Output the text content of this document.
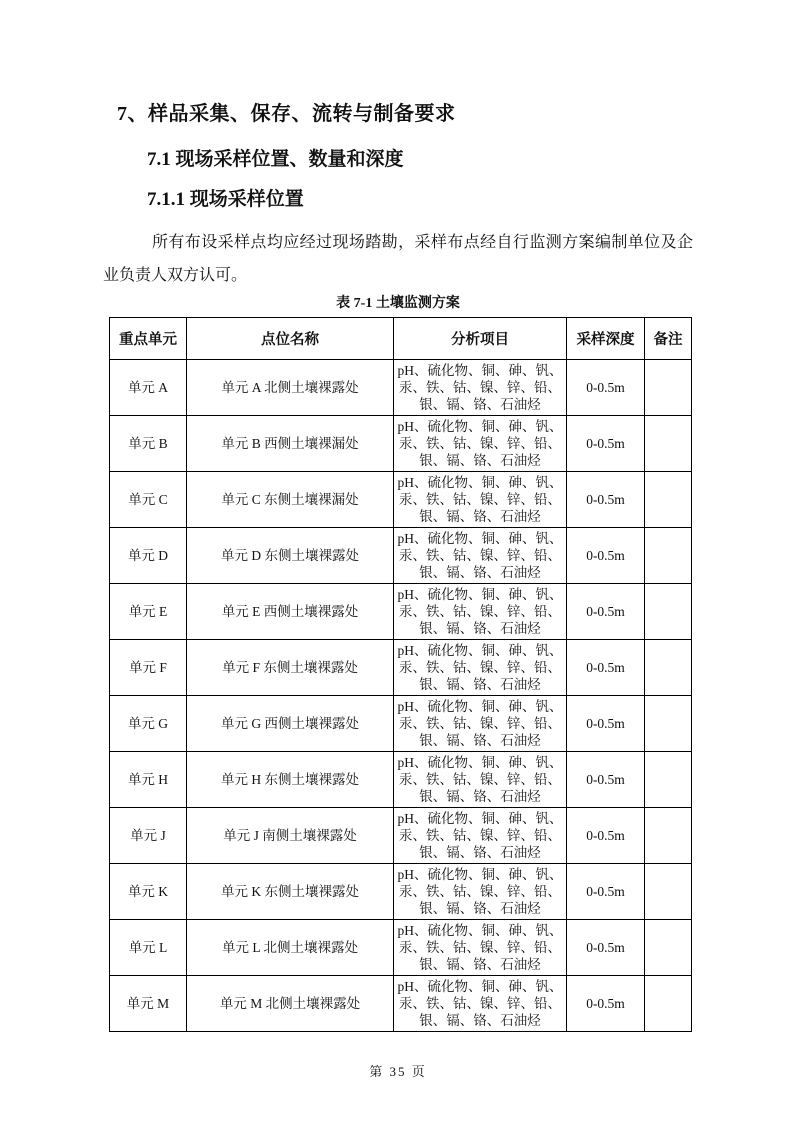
7、样品采集、保存、流转与制备要求
7.1 现场采样位置、数量和深度
7.1.1 现场采样位置

所有布设采样点均应经过现场踏勘，采样布点经自行监测方案编制单位及企业负责人双方认可。

表 7-1 土壤监测方案
重点单元	点位名称	分析项目	采样深度	备注
单元 A	单元 A 北侧土壤裸露处	pH、硫化物、铜、砷、钒、汞、铁、钴、镍、锌、铅、银、镉、铬、石油烃	0-0.5m	
单元 B	单元 B 西侧土壤裸漏处	pH、硫化物、铜、砷、钒、汞、铁、钴、镍、锌、铅、银、镉、铬、石油烃	0-0.5m	
单元 C	单元 C 东侧土壤裸漏处	pH、硫化物、铜、砷、钒、汞、铁、钴、镍、锌、铅、银、镉、铬、石油烃	0-0.5m	
单元 D	单元 D 东侧土壤裸露处	pH、硫化物、铜、砷、钒、汞、铁、钴、镍、锌、铅、银、镉、铬、石油烃	0-0.5m	
单元 E	单元 E 西侧土壤裸露处	pH、硫化物、铜、砷、钒、汞、铁、钴、镍、锌、铅、银、镉、铬、石油烃	0-0.5m	
单元 F	单元 F 东侧土壤裸露处	pH、硫化物、铜、砷、钒、汞、铁、钴、镍、锌、铅、银、镉、铬、石油烃	0-0.5m	
单元 G	单元 G 西侧土壤裸露处	pH、硫化物、铜、砷、钒、汞、铁、钴、镍、锌、铅、银、镉、铬、石油烃	0-0.5m	
单元 H	单元 H 东侧土壤裸露处	pH、硫化物、铜、砷、钒、汞、铁、钴、镍、锌、铅、银、镉、铬、石油烃	0-0.5m	
单元 J	单元 J 南侧土壤裸露处	pH、硫化物、铜、砷、钒、汞、铁、钴、镍、锌、铅、银、镉、铬、石油烃	0-0.5m	
单元 K	单元 K 东侧土壤裸露处	pH、硫化物、铜、砷、钒、汞、铁、钴、镍、锌、铅、银、镉、铬、石油烃	0-0.5m	
单元 L	单元 L 北侧土壤裸露处	pH、硫化物、铜、砷、钒、汞、铁、钴、镍、锌、铅、银、镉、铬、石油烃	0-0.5m	
单元 M	单元 M 北侧土壤裸露处	pH、硫化物、铜、砷、钒、汞、铁、钴、镍、锌、铅、银、镉、铬、石油烃	0-0.5m	
第 35 页
